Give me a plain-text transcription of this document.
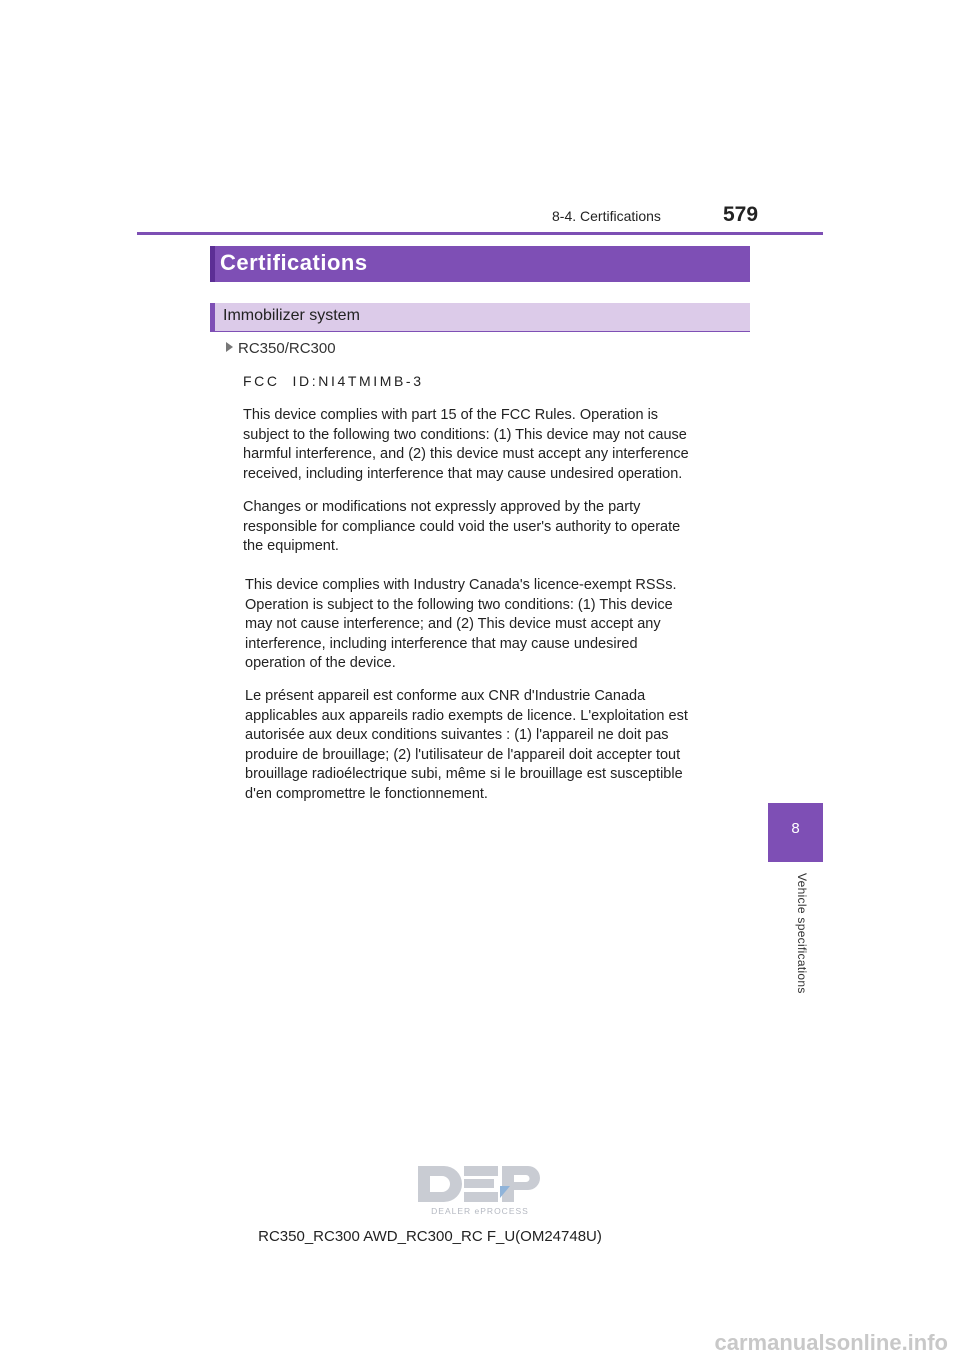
8-4. Certifications	579
Certifications
Immobilizer system
RC350/RC300
FCC  ID:NI4TMIMB-3
This device complies with part 15 of the FCC Rules. Operation is
subject to the following two conditions: (1) This device may not cause
harmful interference, and (2) this device must accept any interference
received, including interference that may cause undesired operation.
Changes or modifications not expressly approved by the party
responsible for compliance could void the user's authority to operate
the equipment.
This device complies with Industry Canada's licence-exempt RSSs.
Operation is subject to the following two conditions: (1) This device
may not cause interference; and (2) This device must accept any
interference, including interference that may cause undesired
operation of the device.
Le présent appareil est conforme aux CNR d'Industrie Canada
applicables aux appareils radio exempts de licence. L'exploitation est
autorisée aux deux conditions suivantes : (1) l'appareil ne doit pas
produire de brouillage; (2) l'utilisateur de l'appareil doit accepter tout
brouillage radioélectrique subi, même si le brouillage est susceptible
d'en compromettre le fonctionnement.
8
Vehicle specifications
DEALER ePROCESS
RC350_RC300 AWD_RC300_RC F_U(OM24748U)
carmanualsonline.info
